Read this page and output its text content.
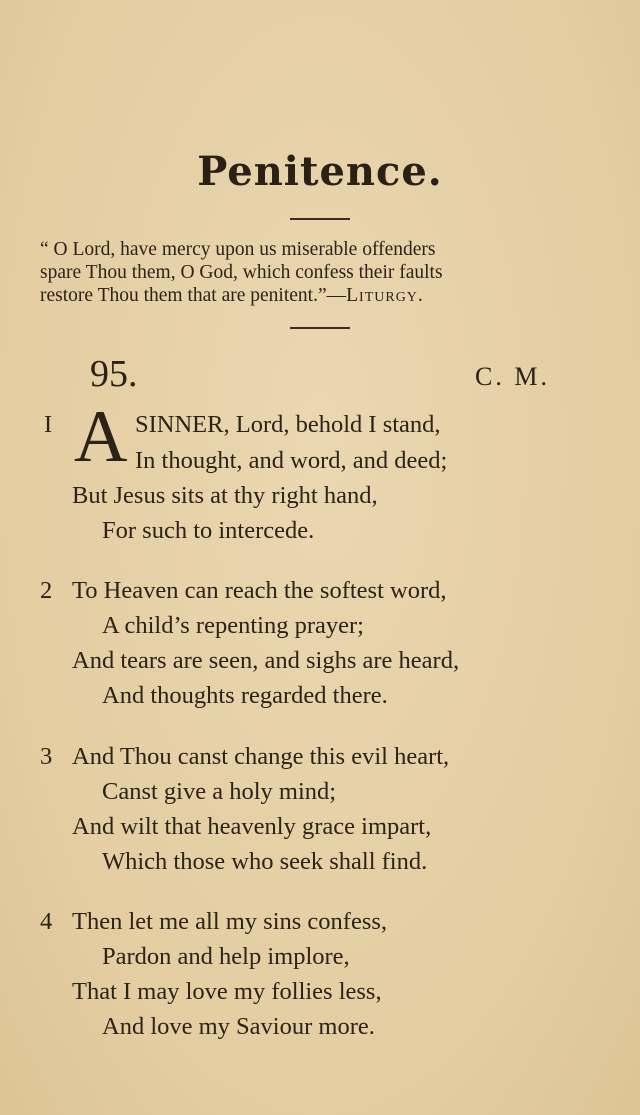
Penitence.
“ O Lord, have mercy upon us miserable offenders
spare Thou them, O God, which confess their faults
restore Thou them that are penitent.”—Liturgy.
95.	C. M.
I A SINNER, Lord, behold I stand,
In thought, and word, and deed;
But Jesus sits at thy right hand,
For such to intercede.
2 To Heaven can reach the softest word,
A child’s repenting prayer;
And tears are seen, and sighs are heard,
And thoughts regarded there.
3 And Thou canst change this evil heart,
Canst give a holy mind;
And wilt that heavenly grace impart,
Which those who seek shall find.
4 Then let me all my sins confess,
Pardon and help implore,
That I may love my follies less,
And love my Saviour more.
